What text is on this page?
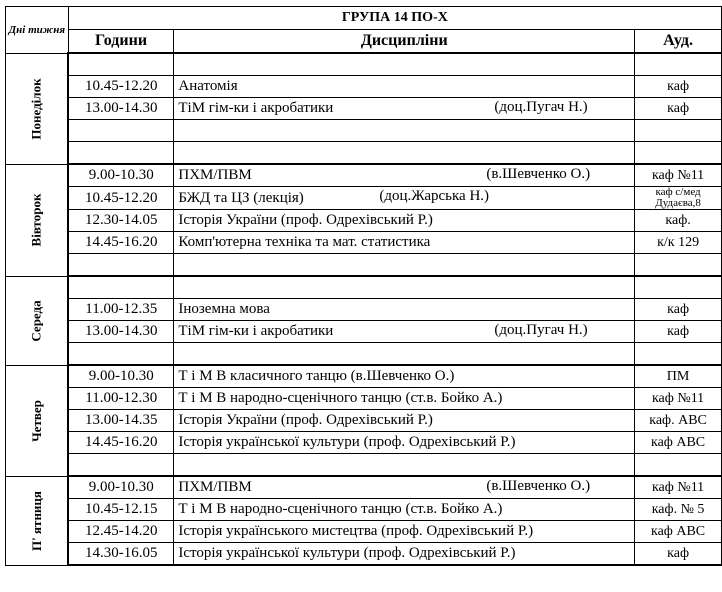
Дні тижня	ГРУПА 14 ПО-Х		
	Години	Дисципліни	Ауд.
Понеділок			
	10.45-12.20	Анатомія	каф
	13.00-14.30	ТіМ гім-ки і акробатики (доц.Пугач Н.)	каф

Вівторок	9.00-10.30	ПХМ/ПВМ (в.Шевченко О.)	каф №11
	10.45-12.20	БЖД та ЦЗ (лекція) (доц.Жарська Н.)	каф с/мед Дудаєва,8
	12.30-14.05	Історія України (проф. Одрехівський Р.)	каф.
	14.45-16.20	Комп'ютерна техніка та мат. статистика	к/к 129

Середа			
	11.00-12.35	Іноземна мова	каф
	13.00-14.30	ТіМ гім-ки і акробатики (доц.Пугач Н.)	каф

Четвер	9.00-10.30	Т і М В класичного танцю (в.Шевченко О.)	ПМ
	11.00-12.30	Т і М В народно-сценічного танцю (ст.в. Бойко А.)	каф №11
	13.00-14.35	Історія України (проф. Одрехівський Р.)	каф. АВС
	14.45-16.20	Історія української культури (проф. Одрехівський Р.)	каф АВС

П' ятниця	9.00-10.30	ПХМ/ПВМ (в.Шевченко О.)	каф №11
	10.45-12.15	Т і М В народно-сценічного танцю (ст.в. Бойко А.)	каф. № 5
	12.45-14.20	Історія українського мистецтва (проф. Одрехівський Р.)	каф АВС
	14.30-16.05	Історія української культури (проф. Одрехівський Р.)	каф
